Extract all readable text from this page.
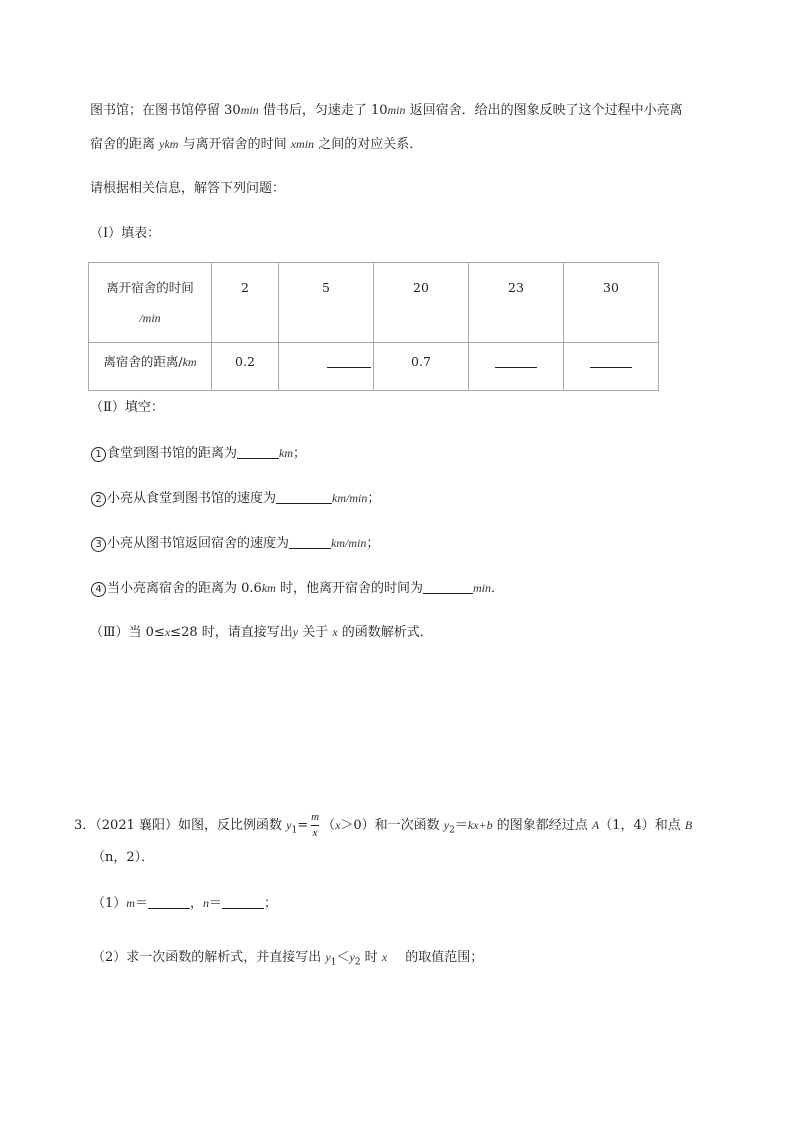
图书馆；在图书馆停留 30min 借书后，匀速走了 10min 返回宿舍．给出的图象反映了这个过程中小亮离
宿舍的距离 ykm 与离开宿舍的时间 xmin 之间的对应关系．
请根据相关信息，解答下列问题：
（Ⅰ）填表：
离开宿舍的时间
/min	2	5	20	23	30

离宿舍的距离/km	0.2		0.7		

（Ⅱ）填空：
1 食堂到图书馆的距离为	km；
2 小亮从食堂到图书馆的速度为	km/min；
3 小亮从图书馆返回宿舍的速度为	km/min；
4 当小亮离宿舍的距离为 0.6km 时，他离开宿舍的时间为	min．
（Ⅲ）当 0≤x≤28 时，请直接写出y 关于 x 的函数解析式．
3．（2021 襄阳）如图，反比例函数 $y_1= \frac{m}{x} (x>0)$和一次函数 $y_2=kx+b$ 的图象都经过点 A（1，4）和点 B
（n，2）．
（1）m＝	，n＝	；
（2）求一次函数的解析式，并直接写出 $y_1<y_2$ 时 x 的取值范围；
